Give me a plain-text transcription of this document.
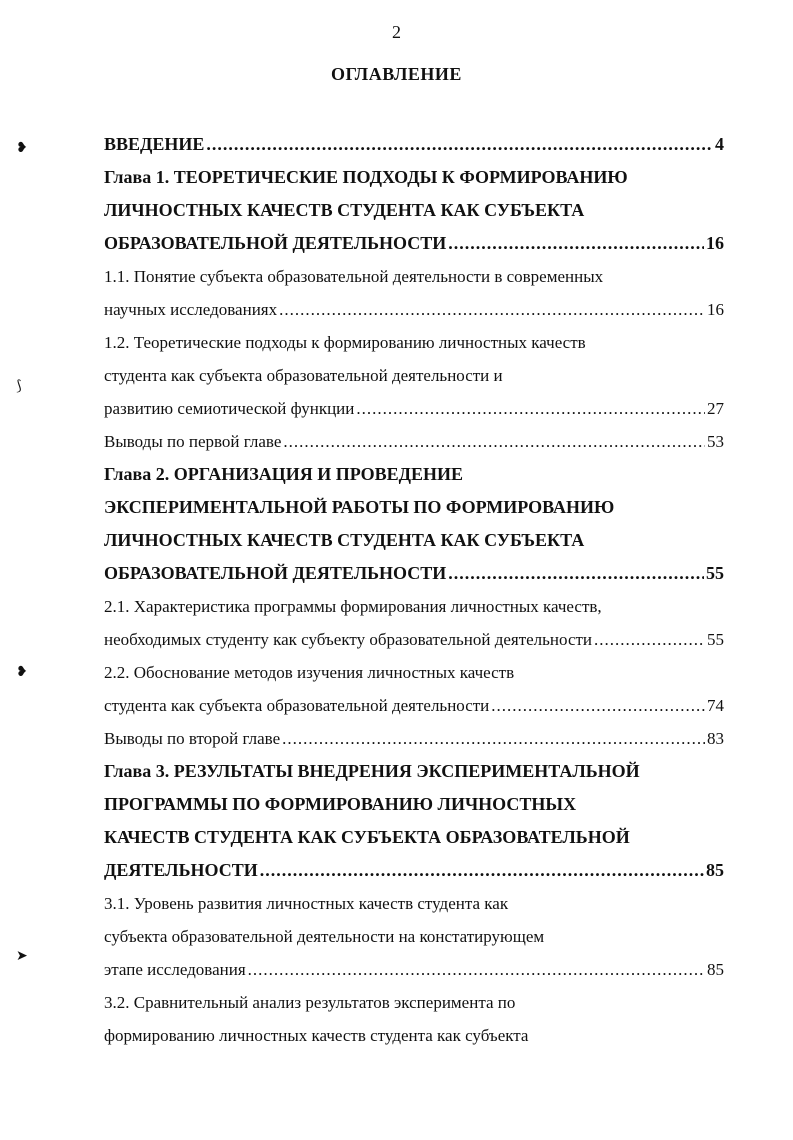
2
ОГЛАВЛЕНИЕ
❥
⟆
❥
➤
ВВЕДЕНИЕ .....	4
Глава 1. ТЕОРЕТИЧЕСКИЕ ПОДХОДЫ К ФОРМИРОВАНИЮ
ЛИЧНОСТНЫХ КАЧЕСТВ СТУДЕНТА КАК СУБЪЕКТА
ОБРАЗОВАТЕЛЬНОЙ ДЕЯТЕЛЬНОСТИ .....	16
1.1. Понятие субъекта образовательной деятельности в современных
научных исследованиях .....	16
1.2. Теоретические подходы к формированию личностных качеств
студента как субъекта образовательной деятельности и
развитию семиотической функции .....	27
Выводы по первой главе .....	53
Глава 2. ОРГАНИЗАЦИЯ И ПРОВЕДЕНИЕ
ЭКСПЕРИМЕНТАЛЬНОЙ РАБОТЫ ПО ФОРМИРОВАНИЮ
ЛИЧНОСТНЫХ КАЧЕСТВ СТУДЕНТА КАК СУБЪЕКТА
ОБРАЗОВАТЕЛЬНОЙ ДЕЯТЕЛЬНОСТИ .....	55
2.1. Характеристика программы формирования личностных качеств,
необходимых студенту как субъекту образовательной деятельности .....	55
2.2. Обоснование методов изучения личностных качеств
студента как субъекта образовательной деятельности .....	74
Выводы по второй главе .....	83
Глава 3. РЕЗУЛЬТАТЫ ВНЕДРЕНИЯ ЭКСПЕРИМЕНТАЛЬНОЙ
ПРОГРАММЫ ПО ФОРМИРОВАНИЮ ЛИЧНОСТНЫХ
КАЧЕСТВ СТУДЕНТА КАК СУБЪЕКТА ОБРАЗОВАТЕЛЬНОЙ
ДЕЯТЕЛЬНОСТИ .....	85
3.1. Уровень развития личностных качеств студента как
субъекта образовательной деятельности на констатирующем
этапе исследования .....	85
3.2. Сравнительный анализ результатов эксперимента по
формированию личностных качеств студента как субъекта
